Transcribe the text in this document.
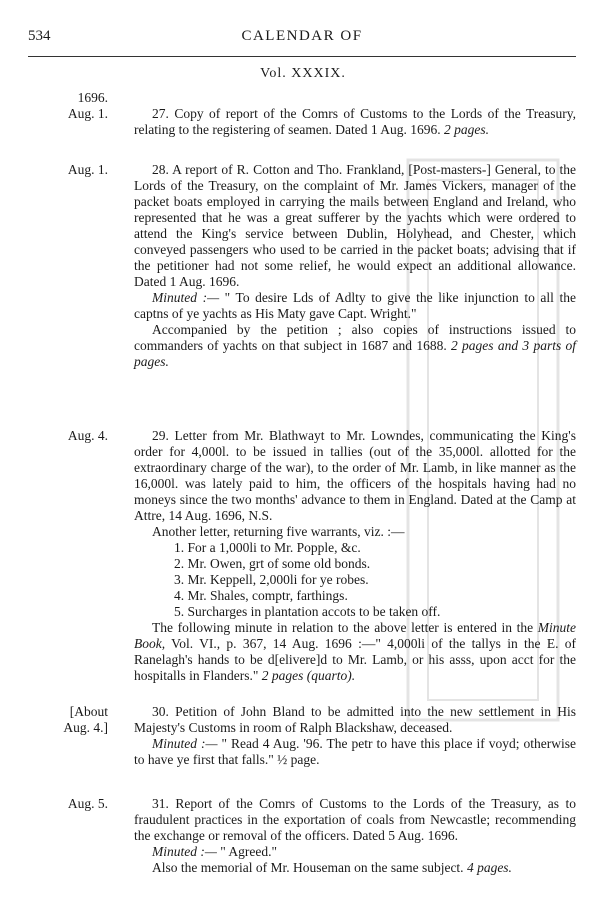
534	CALENDAR OF
Vol. XXXIX.
1696.
Aug. 1.	27. Copy of report of the Comrs of Customs to the Lords of the Treasury, relating to the registering of seamen. Dated 1 Aug. 1696. 2 pages.

Aug. 1.	28. A report of R. Cotton and Tho. Frankland, [Post-masters-] General, to the Lords of the Treasury, on the complaint of Mr. James Vickers, manager of the packet boats employed in carrying the mails between England and Ireland, who represented that he was a great sufferer by the yachts which were ordered to attend the King's service between Dublin, Holyhead, and Chester, which conveyed passengers who used to be carried in the packet boats; advising that if the petitioner had not some relief, he would expect an additional allowance. Dated 1 Aug. 1696.

Minuted :— " To desire Lds of Adlty to give the like injunction to all the captns of ye yachts as His Maty gave Capt. Wright."

Accompanied by the petition ; also copies of instructions issued to commanders of yachts on that subject in 1687 and 1688. 2 pages and 3 parts of pages.

Aug. 4.	29. Letter from Mr. Blathwayt to Mr. Lowndes, communicating the King's order for 4,000l. to be issued in tallies (out of the 35,000l. allotted for the extraordinary charge of the war), to the order of Mr. Lamb, in like manner as the 16,000l. was lately paid to him, the officers of the hospitals having had no moneys since the two months' advance to them in England. Dated at the Camp at Attre, 14 Aug. 1696, N.S.

Another letter, returning five warrants, viz. :—

1. For a 1,000li to Mr. Popple, &c.
2. Mr. Owen, grt of some old bonds.
3. Mr. Keppell, 2,000li for ye robes.
4. Mr. Shales, comptr, farthings.
5. Surcharges in plantation accots to be taken off.

The following minute in relation to the above letter is entered in the Minute Book, Vol. VI., p. 367, 14 Aug. 1696 :—" 4,000li of the tallys in the E. of Ranelagh's hands to be d[elivere]d to Mr. Lamb, or his asss, upon acct for the hospitalls in Flanders." 2 pages (quarto).

[About
Aug. 4.]

30. Petition of John Bland to be admitted into the new settlement in His Majesty's Customs in room of Ralph Blackshaw, deceased.

Minuted :— " Read 4 Aug. '96. The petr to have this place if voyd; otherwise to have ye first that falls." ½ page.

Aug. 5.	31. Report of the Comrs of Customs to the Lords of the Treasury, as to fraudulent practices in the exportation of coals from Newcastle; recommending the exchange or removal of the officers. Dated 5 Aug. 1696.

Minuted :— " Agreed."

Also the memorial of Mr. Houseman on the same subject. 4 pages.
